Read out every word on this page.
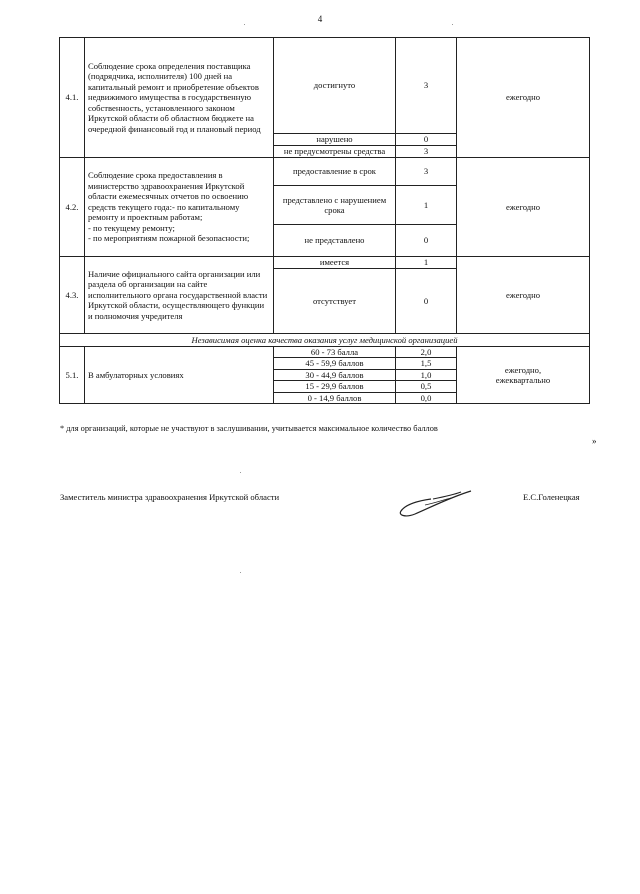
4
4.1.	Соблюдение срока определения поставщика (подрядчика, исполнителя) 100 дней на капитальный ремонт и приобретение объектов недвижимого имущества в государственную собственность, установленного законом Иркутской области об областном бюджете на очередной финансовый год и плановый период	достигнуто	3	ежегодно
		нарушено	0	
		не предусмотрены средства	3	
4.2.	Соблюдение срока предоставления в министерство здравоохранения Иркутской области ежемесячных отчетов по освоению средств текущего года:- по капитальному ремонту и проектным работам;
- по текущему ремонту;
- по мероприятиям пожарной безопасности;	предоставление в срок	3	ежегодно
		представлено с нарушением срока	1	
		не представлено	0	
4.3.	Наличие официального сайта организации или раздела об организации на сайте исполнительного органа государственной власти Иркутской области, осуществляющего функции и полномочия учредителя	имеется	1	ежегодно
		отсутствует	0	
Независимая оценка качества оказания услуг медицинской организацией				
5.1.	В амбулаторных условиях	60 - 73 балла	2,0	ежегодно,
ежеквартально

		45 - 59,9 баллов	1,5	
		30 - 44,9 баллов	1,0	
		15 - 29,9 баллов	0,5	
		0 - 14,9 баллов	0,0	
* для организаций, которые не участвуют в заслушивании, учитывается максимальное количество баллов
»
Заместитель министра здравоохранения Иркутской области	Е.С.Голенецкая
